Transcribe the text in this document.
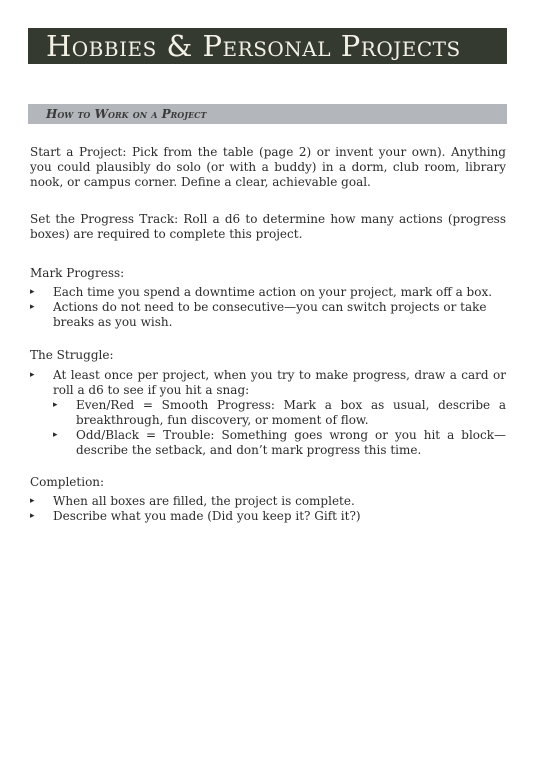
Hobbies & Personal Projects
How to Work on a Project
Start a Project: Pick from the table (page 2) or invent your own). Anything you could plausibly do solo (or with a buddy) in a dorm, club room, library nook, or campus corner. Define a clear, achievable goal.
Set the Progress Track: Roll a d6 to determine how many actions (progress boxes) are required to complete this project.
Mark Progress:
▸ Each time you spend a downtime action on your project, mark off a box.
▸ Actions do not need to be consecutive—you can switch projects or take breaks as you wish.
The Struggle:
▸ At least once per project, when you try to make progress, draw a card or roll a d6 to see if you hit a snag:
▸ Even/Red = Smooth Progress: Mark a box as usual, describe a breakthrough, fun discovery, or moment of flow.
▸ Odd/Black = Trouble: Something goes wrong or you hit a block—describe the setback, and don’t mark progress this time.
Completion:
▸ When all boxes are filled, the project is complete.
▸ Describe what you made (Did you keep it? Gift it?)
